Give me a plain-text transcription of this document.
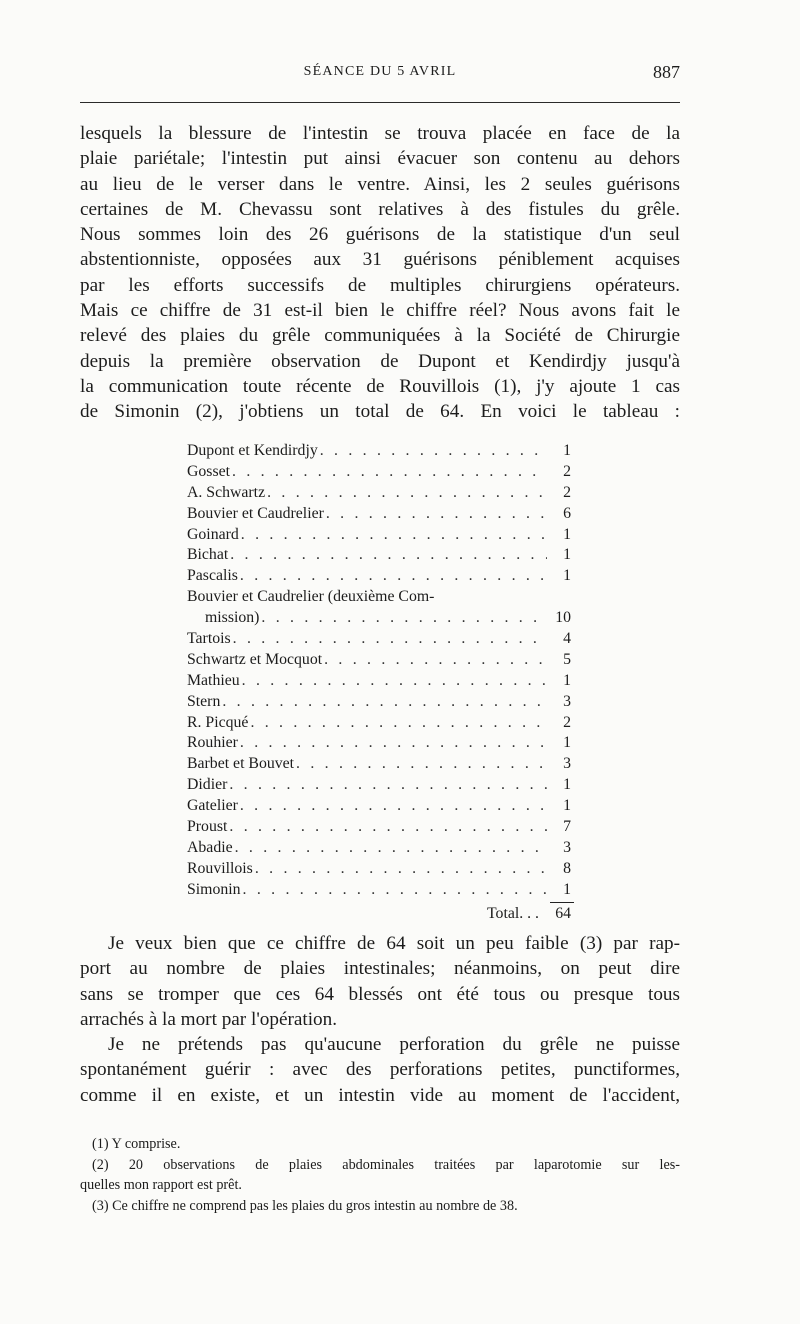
SÉANCE DU 5 AVRIL	887
lesquels la blessure de l'intestin se trouva placée en face de la
plaie pariétale; l'intestin put ainsi évacuer son contenu au dehors
au lieu de le verser dans le ventre. Ainsi, les 2 seules guérisons
certaines de M. Chevassu sont relatives à des fistules du grêle.
Nous sommes loin des 26 guérisons de la statistique d'un seul
abstentionniste, opposées aux 31 guérisons péniblement acquises
par les efforts successifs de multiples chirurgiens opérateurs.
Mais ce chiffre de 31 est-il bien le chiffre réel? Nous avons fait le
relevé des plaies du grêle communiquées à la Société de Chirurgie
depuis la première observation de Dupont et Kendirdjy jusqu'à
la communication toute récente de Rouvillois (1), j'y ajoute 1 cas
de Simonin (2), j'obtiens un total de 64. En voici le tableau :
Dupont et Kendirdjy . . .	1
Gosset . . .	2
A. Schwartz . . .	2
Bouvier et Caudrelier . . .	6
Goinard . . .	1
Bichat . . .	1
Pascalis . . .	1
Bouvier et Caudrelier (deuxième Com-
mission) . . .	10
Tartois . . .	4
Schwartz et Mocquot . . .	5
Mathieu . . .	1
Stern . . .	3
R. Picqué . . .	2
Rouhier . . .	1
Barbet et Bouvet . . .	3
Didier . . .	1
Gatelier . . .	1
Proust . . .	7
Abadie . . .	3
Rouvillois . . .	8
Simonin . . .	1
Total. . .	64
Je veux bien que ce chiffre de 64 soit un peu faible (3) par rap-
port au nombre de plaies intestinales; néanmoins, on peut dire
sans se tromper que ces 64 blessés ont été tous ou presque tous
arrachés à la mort par l'opération.
Je ne prétends pas qu'aucune perforation du grêle ne puisse
spontanément guérir : avec des perforations petites, punctiformes,
comme il en existe, et un intestin vide au moment de l'accident,
(1) Y comprise.
(2) 20 observations de plaies abdominales traitées par laparotomie sur les-
quelles mon rapport est prêt.
(3) Ce chiffre ne comprend pas les plaies du gros intestin au nombre de 38.
